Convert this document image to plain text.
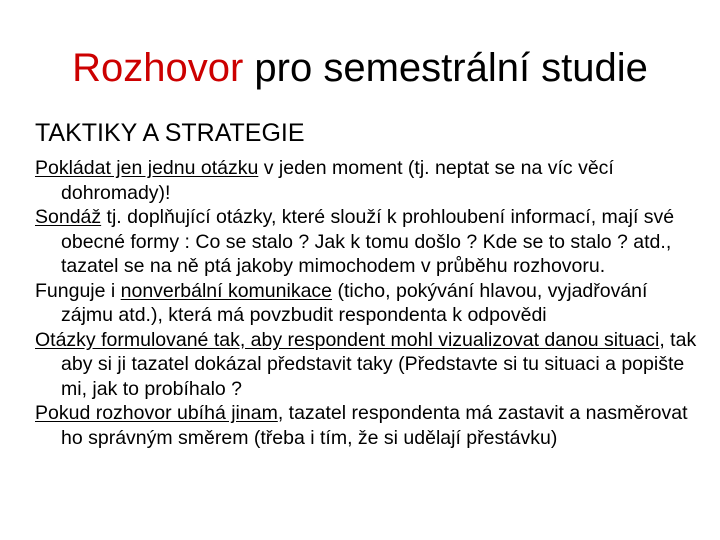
Rozhovor pro semestrální studie
TAKTIKY A STRATEGIE

Pokládat jen jednu otázku v jeden moment (tj. neptat se na víc věcí dohromady)!

Sondáž tj. doplňující otázky, které slouží k prohloubení informací, mají své obecné formy : Co se stalo ? Jak k tomu došlo ? Kde se to stalo ? atd., tazatel se na ně ptá jakoby mimochodem v průběhu rozhovoru.

Funguje i nonverbální komunikace (ticho, pokývání hlavou, vyjadřování zájmu atd.), která má povzbudit respondenta k odpovědi

Otázky formulované tak, aby respondent mohl vizualizovat danou situaci, tak aby si ji tazatel dokázal představit taky (Představte si tu situaci a popište mi, jak to probíhalo ?

Pokud rozhovor ubíhá jinam, tazatel respondenta má zastavit a nasměrovat ho správným směrem (třeba i tím, že si udělají přestávku)
